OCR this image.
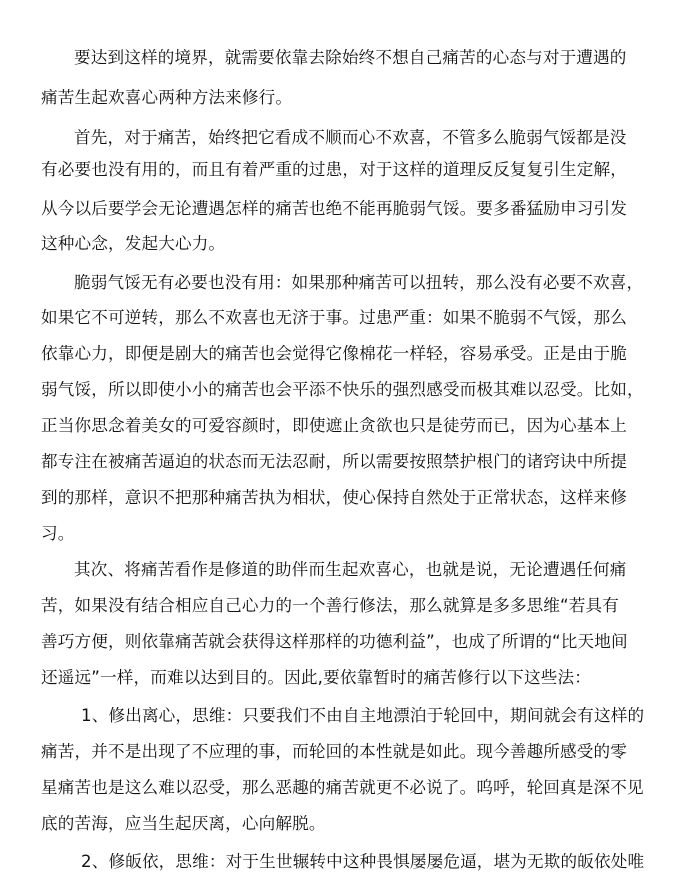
要达到这样的境界，就需要依靠去除始终不想自己痛苦的心态与对于遭遇的
痛苦生起欢喜心两种方法来修行。
首先，对于痛苦，始终把它看成不顺而心不欢喜，不管多么脆弱气馁都是没
有必要也没有用的，而且有着严重的过患，对于这样的道理反反复复引生定解，
从今以后要学会无论遭遇怎样的痛苦也绝不能再脆弱气馁。要多番猛励申习引发
这种心念，发起大心力。
脆弱气馁无有必要也没有用：如果那种痛苦可以扭转，那么没有必要不欢喜，
如果它不可逆转，那么不欢喜也无济于事。过患严重：如果不脆弱不气馁，那么
依靠心力，即便是剧大的痛苦也会觉得它像棉花一样轻，容易承受。正是由于脆
弱气馁，所以即使小小的痛苦也会平添不快乐的强烈感受而极其难以忍受。比如，
正当你思念着美女的可爱容颜时，即使遮止贪欲也只是徒劳而已，因为心基本上
都专注在被痛苦逼迫的状态而无法忍耐，所以需要按照禁护根门的诸窍诀中所提
到的那样，意识不把那种痛苦执为相状，使心保持自然处于正常状态，这样来修
习。
其次、将痛苦看作是修道的助伴而生起欢喜心，也就是说，无论遭遇任何痛
苦，如果没有结合相应自己心力的一个善行修法，那么就算是多多思维“若具有
善巧方便，则依靠痛苦就会获得这样那样的功德利益”，也成了所谓的“比天地间
还遥远”一样，而难以达到目的。因此,要依靠暂时的痛苦修行以下这些法：
1、修出离心，思维：只要我们不由自主地漂泊于轮回中，期间就会有这样的
痛苦，并不是出现了不应理的事，而轮回的本性就是如此。现今善趣所感受的零
星痛苦也是这么难以忍受，那么恶趣的痛苦就更不必说了。呜呼，轮回真是深不见
底的苦海，应当生起厌离，心向解脱。
2、修皈依，思维：对于生世辗转中这种畏惧屡屡危逼，堪为无欺的皈依处唯
